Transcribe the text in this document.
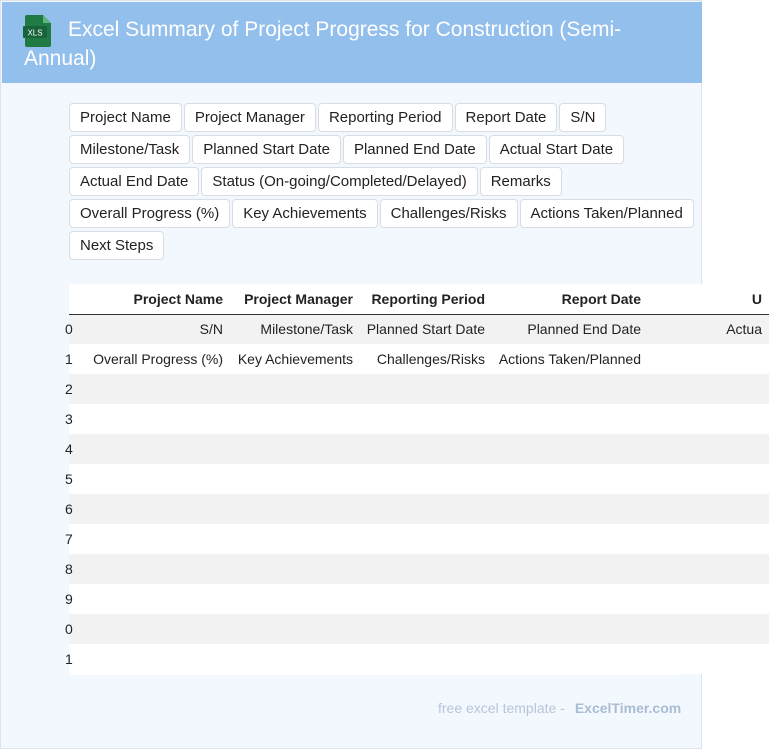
XLS	Excel Summary of Project Progress for Construction (Semi-Annual)
Project Name	Project Manager	Reporting Period	Report Date	S/N
Milestone/Task	Planned Start Date	Planned End Date	Actual Start Date
Actual End Date	Status (On-going/Completed/Delayed)	Remarks
Overall Progress (%)	Key Achievements	Challenges/Risks	Actions Taken/Planned
Next Steps
	Project Name	Project Manager	Reporting Period	Report Date	U
0	S/N	Milestone/Task	Planned Start Date	Planned End Date	Actua
1	Overall Progress (%)	Key Achievements	Challenges/Risks	Actions Taken/Planned	
2					
3					
4					
5					
6					
7					
8					
9					
0					
1					
free excel template - ExcelTimer.com
